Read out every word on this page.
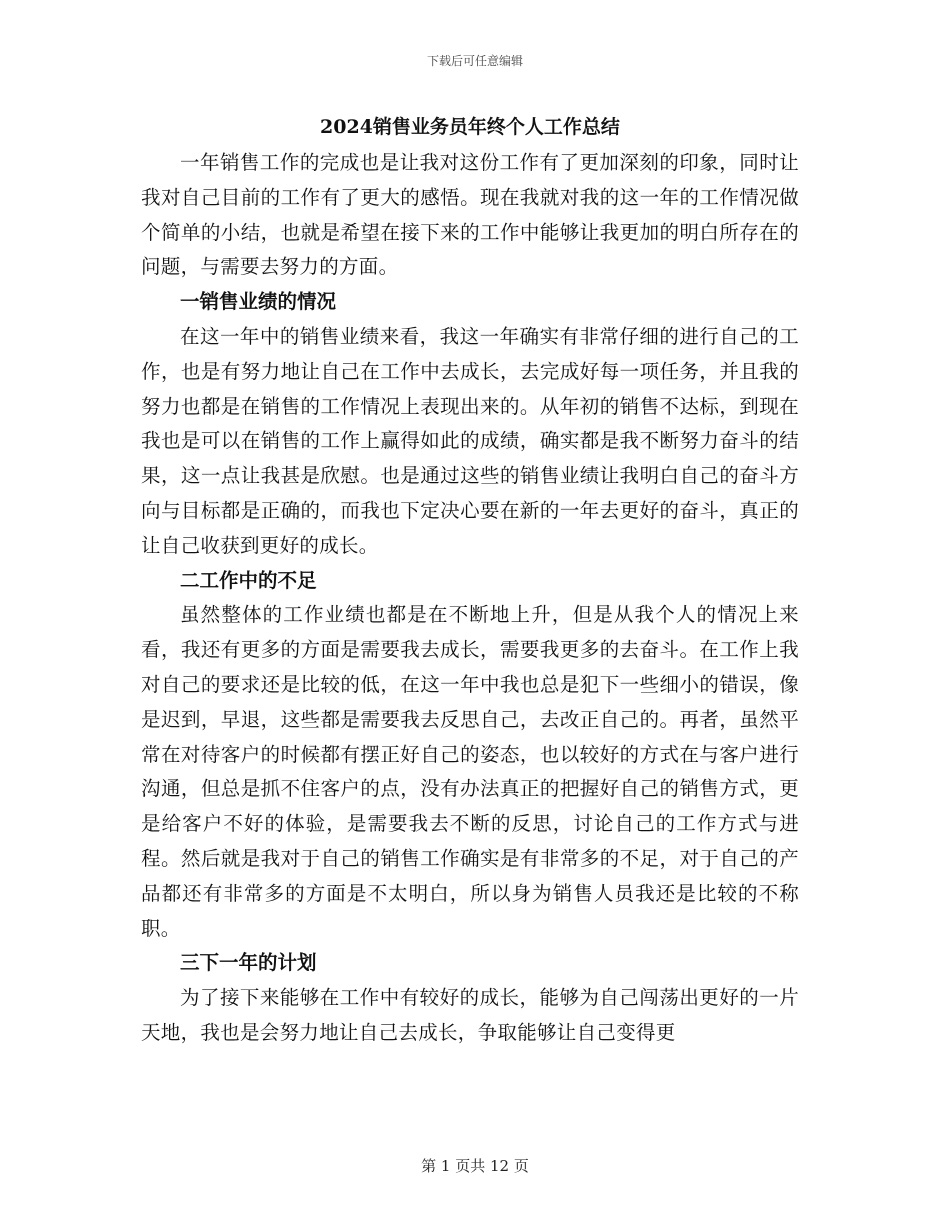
下载后可任意编辑
2024销售业务员年终个人工作总结

一年销售工作的完成也是让我对这份工作有了更加深刻的印象，同时让我对自己目前的工作有了更大的感悟。现在我就对我的这一年的工作情况做个简单的小结，也就是希望在接下来的工作中能够让我更加的明白所存在的问题，与需要去努力的方面。

一销售业绩的情况

在这一年中的销售业绩来看，我这一年确实有非常仔细的进行自己的工作，也是有努力地让自己在工作中去成长，去完成好每一项任务，并且我的努力也都是在销售的工作情况上表现出来的。从年初的销售不达标，到现在我也是可以在销售的工作上赢得如此的成绩，确实都是我不断努力奋斗的结果，这一点让我甚是欣慰。也是通过这些的销售业绩让我明白自己的奋斗方向与目标都是正确的，而我也下定决心要在新的一年去更好的奋斗，真正的让自己收获到更好的成长。

二工作中的不足

虽然整体的工作业绩也都是在不断地上升，但是从我个人的情况上来看，我还有更多的方面是需要我去成长，需要我更多的去奋斗。在工作上我对自己的要求还是比较的低，在这一年中我也总是犯下一些细小的错误，像是迟到，早退，这些都是需要我去反思自己，去改正自己的。再者，虽然平常在对待客户的时候都有摆正好自己的姿态，也以较好的方式在与客户进行沟通，但总是抓不住客户的点，没有办法真正的把握好自己的销售方式，更是给客户不好的体验，是需要我去不断的反思，讨论自己的工作方式与进程。然后就是我对于自己的销售工作确实是有非常多的不足，对于自己的产品都还有非常多的方面是不太明白，所以身为销售人员我还是比较的不称职。

三下一年的计划

为了接下来能够在工作中有较好的成长，能够为自己闯荡出更好的一片天地，我也是会努力地让自己去成长，争取能够让自己变得更

第 1 页共 12 页
